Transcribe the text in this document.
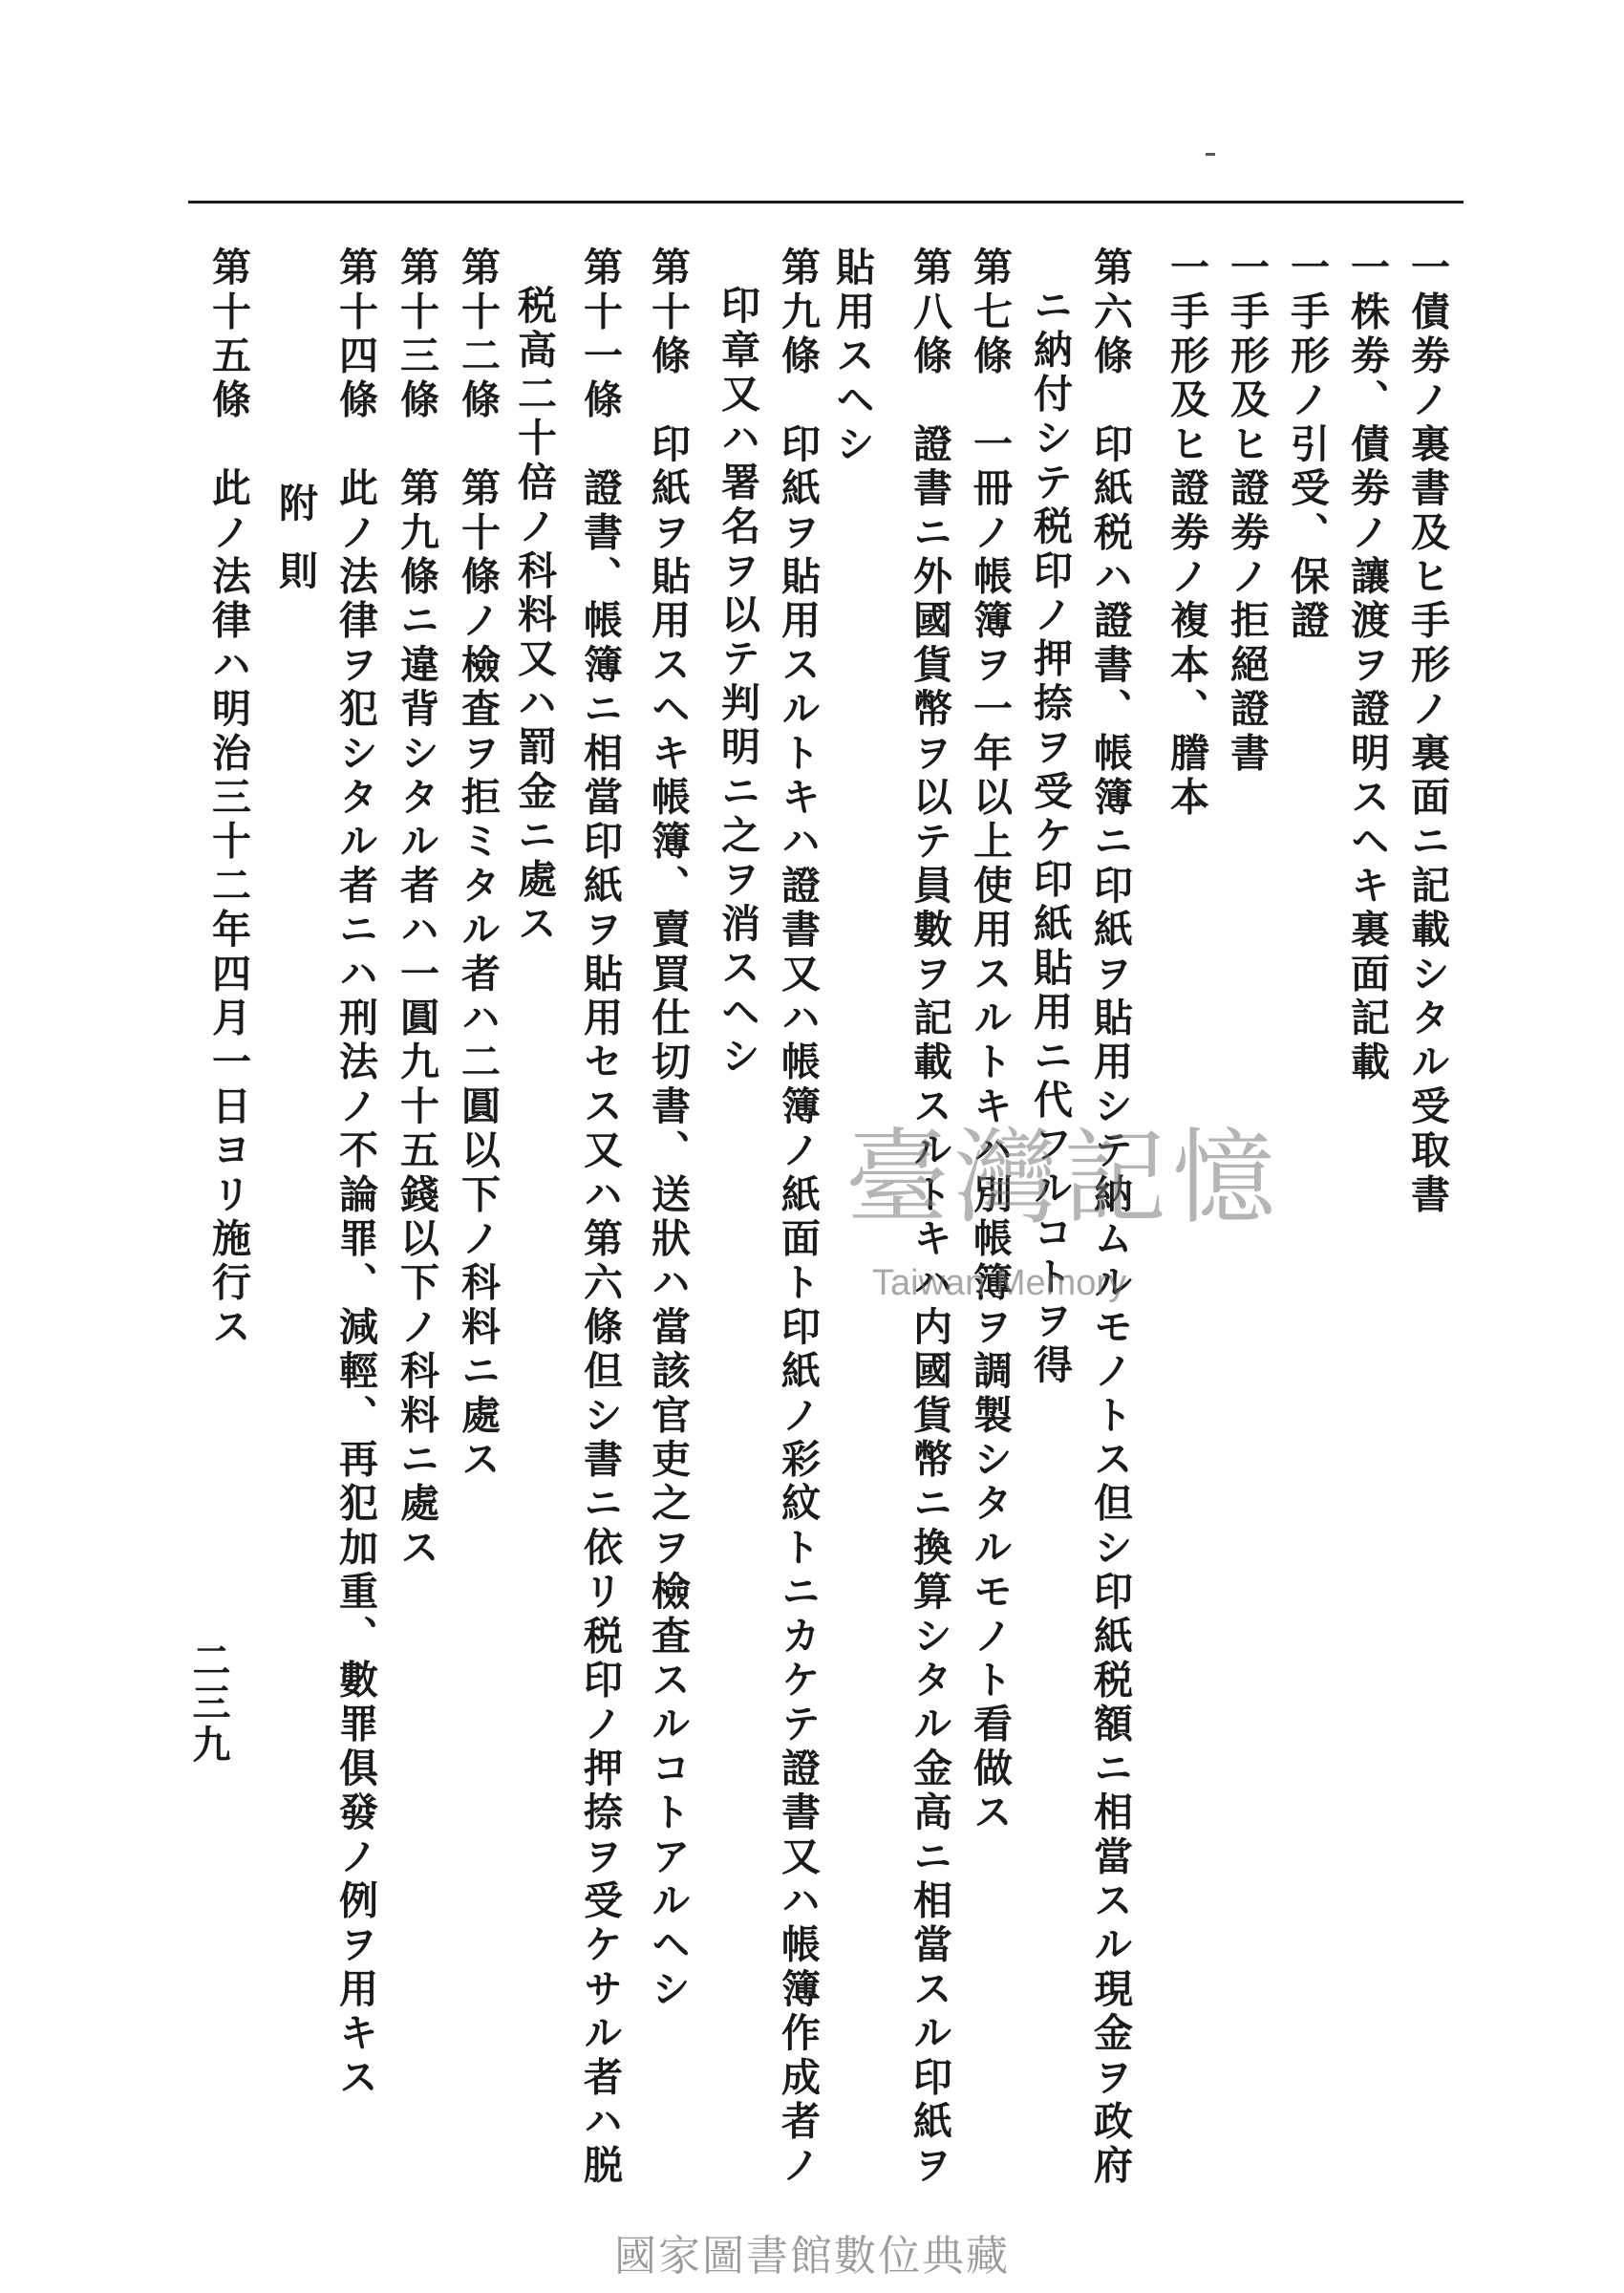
一債劵ノ裏書及ヒ手形ノ裏面ニ記載シタル受取書
一株劵、債劵ノ讓渡ヲ證明スヘキ裏面記載
一手形ノ引受、保證
一手形及ヒ證劵ノ拒絕證書
一手形及ヒ證劵ノ複本、謄本
第六條　印紙税ハ證書、帳簿ニ印紙ヲ貼用シテ納ムルモノトス但シ印紙税額ニ相當スル現金ヲ政府
ニ納付シテ税印ノ押捺ヲ受ケ印紙貼用ニ代フルコトヲ得
第七條　一冊ノ帳簿ヲ一年以上使用スルトキハ別帳簿ヲ調製シタルモノト看做ス
第八條　證書ニ外國貨幣ヲ以テ員數ヲ記載スルトキハ内國貨幣ニ換算シタル金高ニ相當スル印紙ヲ
貼用スヘシ
第九條　印紙ヲ貼用スルトキハ證書又ハ帳簿ノ紙面ト印紙ノ彩紋トニカケテ證書又ハ帳簿作成者ノ
印章又ハ署名ヲ以テ判明ニ之ヲ消スヘシ
第十條　印紙ヲ貼用スヘキ帳簿、賣買仕切書、送狀ハ當該官吏之ヲ檢査スルコトアルヘシ
第十一條　證書、帳簿ニ相當印紙ヲ貼用セス又ハ第六條但シ書ニ依リ税印ノ押捺ヲ受ケサル者ハ脱
税高二十倍ノ科料又ハ罰金ニ處ス
第十二條　第十條ノ檢査ヲ拒ミタル者ハ二圓以下ノ科料ニ處ス
第十三條　第九條ニ違背シタル者ハ一圓九十五錢以下ノ科料ニ處ス
第十四條　此ノ法律ヲ犯シタル者ニハ刑法ノ不論罪、減輕、再犯加重、數罪俱發ノ例ヲ用キス
附則
第十五條　此ノ法律ハ明治三十二年四月一日ヨリ施行ス
二三九
臺灣記憶
Taiwan Memory
國家圖書館數位典藏
